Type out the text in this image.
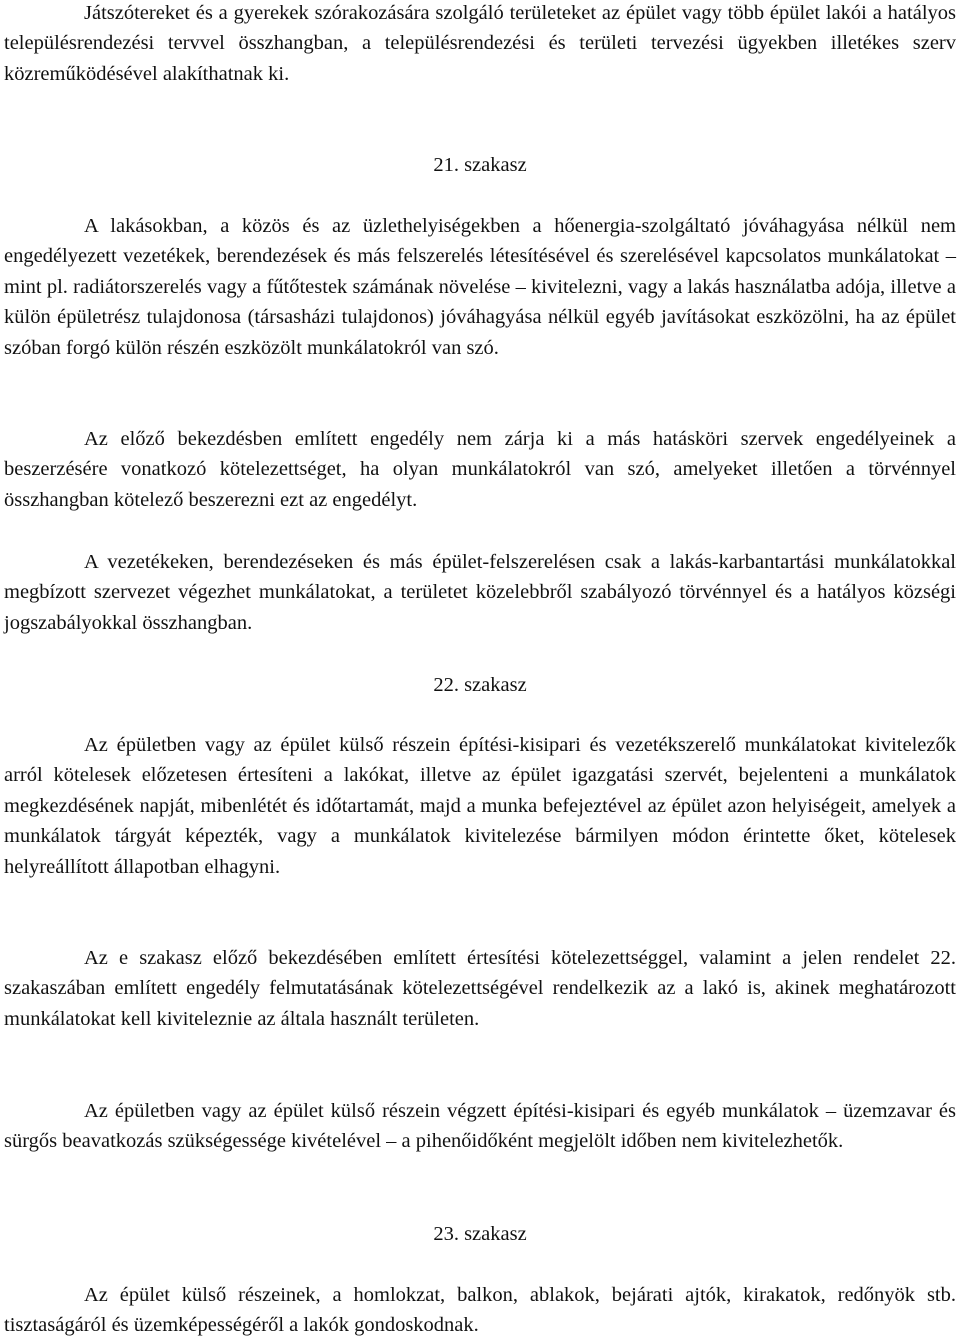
Játszótereket és a gyerekek szórakozására szolgáló területeket az épület vagy több épület lakói a hatályos településrendezési tervvel összhangban, a településrendezési és területi tervezési ügyekben illetékes szerv közreműködésével alakíthatnak ki.

21. szakasz

A lakásokban, a közös és az üzlethelyiségekben a hőenergia-szolgáltató jóváhagyása nélkül nem engedélyezett vezetékek, berendezések és más felszerelés létesítésével és szerelésével kapcsolatos munkálatokat – mint pl. radiátorszerelés vagy a fűtőtestek számának növelése – kivitelezni, vagy a lakás használatba adója, illetve a külön épületrész tulajdonosa (társasházi tulajdonos) jóváhagyása nélkül egyéb javításokat eszközölni, ha az épület szóban forgó külön részén eszközölt munkálatokról van szó.

Az előző bekezdésben említett engedély nem zárja ki a más hatásköri szervek engedélyeinek a beszerzésére vonatkozó kötelezettséget, ha olyan munkálatokról van szó, amelyeket illetően a törvénnyel összhangban kötelező beszerezni ezt az engedélyt.

A vezetékeken, berendezéseken és más épület-felszerelésen csak a lakás-karbantartási munkálatokkal megbízott szervezet végezhet munkálatokat, a területet közelebbről szabályozó törvénnyel és a hatályos községi jogszabályokkal összhangban.

22. szakasz

Az épületben vagy az épület külső részein építési-kisipari és vezetékszerelő munkálatokat kivitelezők arról kötelesek előzetesen értesíteni a lakókat, illetve az épület igazgatási szervét, bejelenteni a munkálatok megkezdésének napját, mibenlétét és időtartamát, majd a munka befejeztével az épület azon helyiségeit, amelyek a munkálatok tárgyát képezték, vagy a munkálatok kivitelezése bármilyen módon érintette őket, kötelesek helyreállított állapotban elhagyni.

Az e szakasz előző bekezdésében említett értesítési kötelezettséggel, valamint a jelen rendelet 22. szakaszában említett engedély felmutatásának kötelezettségével rendelkezik az a lakó is, akinek meghatározott munkálatokat kell kiviteleznie az általa használt területen.

Az épületben vagy az épület külső részein végzett építési-kisipari és egyéb munkálatok – üzemzavar és sürgős beavatkozás szükségessége kivételével – a pihenőidőként megjelölt időben nem kivitelezhetők.

23. szakasz

Az épület külső részeinek, a homlokzat, balkon, ablakok, bejárati ajtók, kirakatok, redőnyök stb. tisztaságáról és üzemképességéről a lakók gondoskodnak.
